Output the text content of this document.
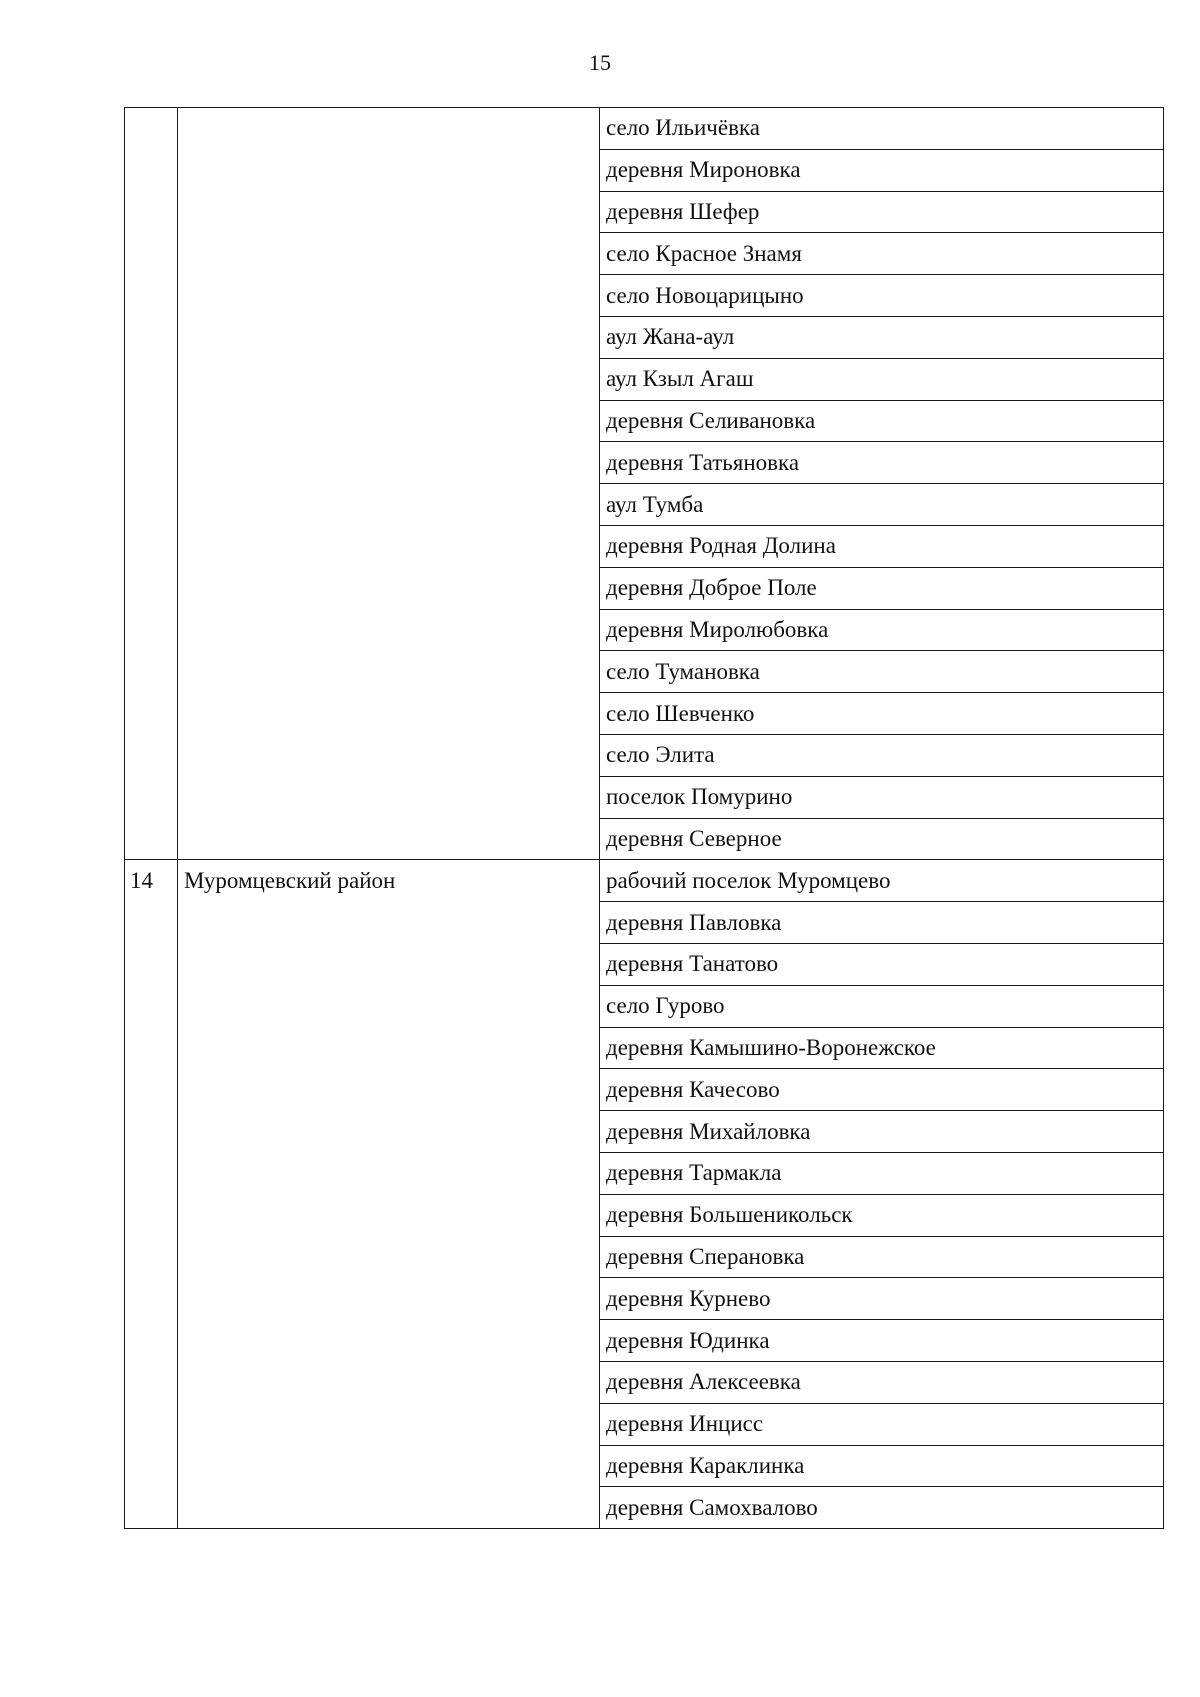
15
		село Ильичёвка
		деревня Мироновка
		деревня Шефер
		село Красное Знамя
		село Новоцарицыно
		аул Жана-аул
		аул Кзыл Агаш
		деревня Селивановка
		деревня Татьяновка
		аул Тумба
		деревня Родная Долина
		деревня Доброе Поле
		деревня Миролюбовка
		село Тумановка
		село Шевченко
		село Элита
		поселок Помурино
		деревня Северное
14	Муромцевский район	рабочий поселок Муромцево
		деревня Павловка
		деревня Танатово
		село Гурово
		деревня Камышино-Воронежское
		деревня Качесово
		деревня Михайловка
		деревня Тармакла
		деревня Большеникольск
		деревня Сперановка
		деревня Курнево
		деревня Юдинка
		деревня Алексеевка
		деревня Инцисс
		деревня Караклинка
		деревня Самохвалово
